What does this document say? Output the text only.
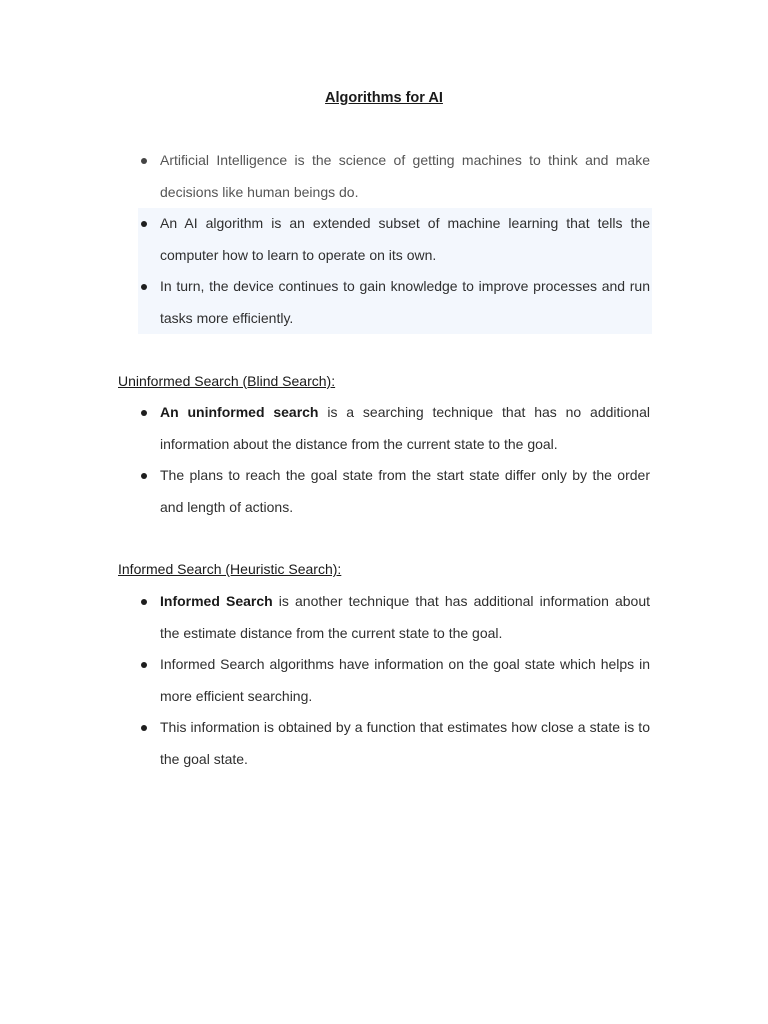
Algorithms for AI
Artificial Intelligence is the science of getting machines to think and make decisions like human beings do.
An AI algorithm is an extended subset of machine learning that tells the computer how to learn to operate on its own.
In turn, the device continues to gain knowledge to improve processes and run tasks more efficiently.
Uninformed Search (Blind Search):
An uninformed search is a searching technique that has no additional information about the distance from the current state to the goal.
The plans to reach the goal state from the start state differ only by the order and length of actions.
Informed Search (Heuristic Search):
Informed Search is another technique that has additional information about the estimate distance from the current state to the goal.
Informed Search algorithms have information on the goal state which helps in more efficient searching.
This information is obtained by a function that estimates how close a state is to the goal state.
